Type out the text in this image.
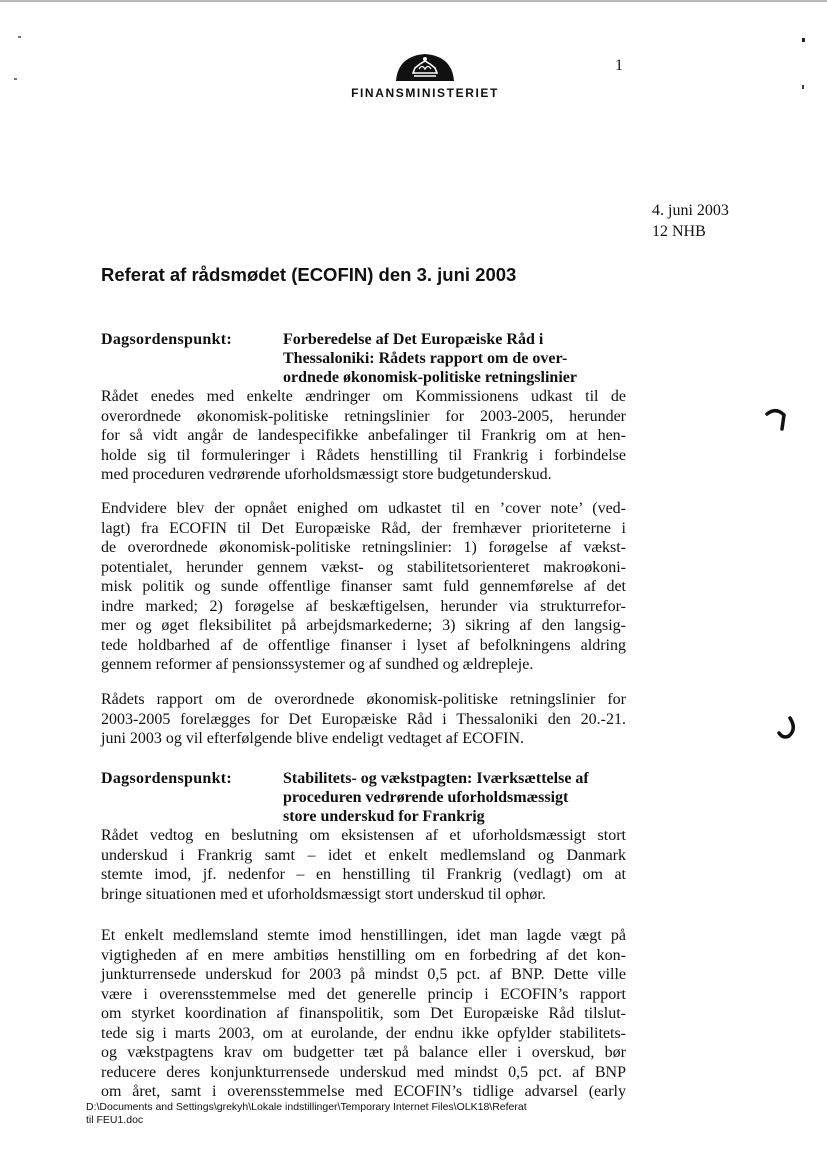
FINANSMINISTERIET
1
4. juni 2003
12 NHB
Referat af rådsmødet (ECOFIN) den 3. juni 2003
Dagsordenspunkt:	Forberedelse af Det Europæiske Råd i
Thessaloniki: Rådets rapport om de over-
ordnede økonomisk-politiske retningslinier
Rådet enedes med enkelte ændringer om Kommissionens udkast til de
overordnede økonomisk-politiske retningslinier for 2003-2005, herunder
for så vidt angår de landespecifikke anbefalinger til Frankrig om at hen-
holde sig til formuleringer i Rådets henstilling til Frankrig i forbindelse
med proceduren vedrørende uforholdsmæssigt store budgetunderskud.
Endvidere blev der opnået enighed om udkastet til en ’cover note’ (ved-
lagt) fra ECOFIN til Det Europæiske Råd, der fremhæver prioriteterne i
de overordnede økonomisk-politiske retningslinier: 1) forøgelse af vækst-
potentialet, herunder gennem vækst- og stabilitetsorienteret makroøkoni-
misk politik og sunde offentlige finanser samt fuld gennemførelse af det
indre marked; 2) forøgelse af beskæftigelsen, herunder via strukturrefor-
mer og øget fleksibilitet på arbejdsmarkederne; 3) sikring af den langsig-
tede holdbarhed af de offentlige finanser i lyset af befolkningens aldring
gennem reformer af pensionssystemer og af sundhed og ældrepleje.
Rådets rapport om de overordnede økonomisk-politiske retningslinier for
2003-2005 forelægges for Det Europæiske Råd i Thessaloniki den 20.-21.
juni 2003 og vil efterfølgende blive endeligt vedtaget af ECOFIN.
Dagsordenspunkt:	Stabilitets- og vækstpagten: Iværksættelse af
proceduren vedrørende uforholdsmæssigt
store underskud for Frankrig
Rådet vedtog en beslutning om eksistensen af et uforholdsmæssigt stort
underskud i Frankrig samt – idet et enkelt medlemsland og Danmark
stemte imod, jf. nedenfor – en henstilling til Frankrig (vedlagt) om at
bringe situationen med et uforholdsmæssigt stort underskud til ophør.
Et enkelt medlemsland stemte imod henstillingen, idet man lagde vægt på
vigtigheden af en mere ambitiøs henstilling om en forbedring af det kon-
junkturrensede underskud for 2003 på mindst 0,5 pct. af BNP. Dette ville
være i overensstemmelse med det generelle princip i ECOFIN’s rapport
om styrket koordination af finanspolitik, som Det Europæiske Råd tilslut-
tede sig i marts 2003, om at eurolande, der endnu ikke opfylder stabilitets-
og vækstpagtens krav om budgetter tæt på balance eller i overskud, bør
reducere deres konjunkturrensede underskud med mindst 0,5 pct. af BNP
om året, samt i overensstemmelse med ECOFIN’s tidlige advarsel (early
D:\Documents and Settings\grekyh\Lokale indstillinger\Temporary Internet Files\OLK18\Referat
til FEU1.doc
